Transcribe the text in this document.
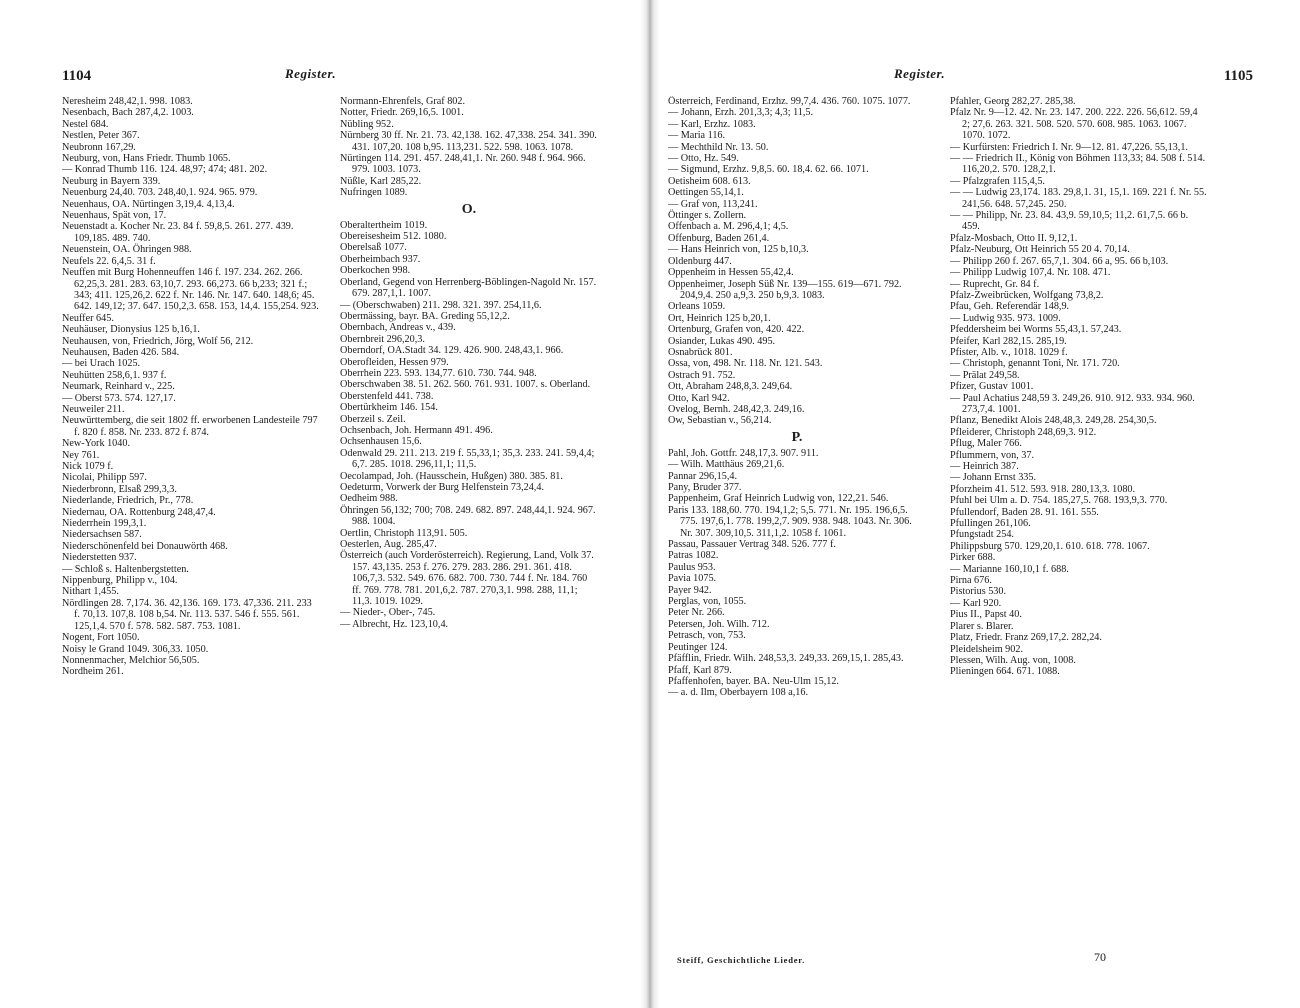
1104	Register.

Neresheim 248,42,1. 998. 1083.

Nesenbach, Bach 287,4,2. 1003.

Nestel 684.

Nestlen, Peter 367.

Neubronn 167,29.

Neuburg, von, Hans Friedr. Thumb 1065.

— Konrad Thumb 116. 124. 48,97; 474; 481. 202.

Neuburg in Bayern 339.

Neuenburg 24,40. 703. 248,40,1. 924. 965. 979.

Neuenhaus, OA. Nürtingen 3,19,4. 4,13,4.

Neuenhaus, Spät von, 17.

Neuenstadt a. Kocher Nr. 23. 84 f. 59,8,5. 261. 277. 439. 109,185. 489. 740.

Neuenstein, OA. Öhringen 988.

Neufels 22. 6,4,5. 31 f.

Neuffen mit Burg Hohenneuffen 146 f. 197. 234. 262. 266. 62,25,3. 281. 283. 63,10,7. 293. 66,273. 66 b,233; 321 f.; 343; 411. 125,26,2. 622 f. Nr. 146. Nr. 147. 640. 148,6; 45. 642. 149,12; 37. 647. 150,2,3. 658. 153, 14,4. 155,254. 923.

Neuffer 645.

Neuhäuser, Dionysius 125 b,16,1.

Neuhausen, von, Friedrich, Jörg, Wolf 56, 212.

Neuhausen, Baden 426. 584.

— bei Urach 1025.

Neuhütten 258,6,1. 937 f.

Neumark, Reinhard v., 225.

— Oberst 573. 574. 127,17.

Neuweiler 211.

Neuwürttemberg, die seit 1802 ff. erworbenen Landesteile 797 f. 820 f. 858. Nr. 233. 872 f. 874.

New-York 1040.

Ney 761.

Nick 1079 f.

Nicolai, Philipp 597.

Niederbronn, Elsaß 299,3,3.

Niederlande, Friedrich, Pr., 778.

Niedernau, OA. Rottenburg 248,47,4.

Niederrhein 199,3,1.

Niedersachsen 587.

Niederschönenfeld bei Donauwörth 468.

Niederstetten 937.

— Schloß s. Haltenbergstetten.

Nippenburg, Philipp v., 104.

Nithart 1,455.

Nördlingen 28. 7,174. 36. 42,136. 169. 173. 47,336. 211. 233 f. 70,13. 107,8. 108 b,54. Nr. 113. 537. 546 f. 555. 561. 125,1,4. 570 f. 578. 582. 587. 753. 1081.

Nogent, Fort 1050.

Noisy le Grand 1049. 306,33. 1050.

Nonnenmacher, Melchior 56,505.

Nordheim 261.

Normann-Ehrenfels, Graf 802.

Notter, Friedr. 269,16,5. 1001.

Nübling 952.

Nürnberg 30 ff. Nr. 21. 73. 42,138. 162. 47,338. 254. 341. 390. 431. 107,20. 108 b,95. 113,231. 522. 598. 1063. 1078.

Nürtingen 114. 291. 457. 248,41,1. Nr. 260. 948 f. 964. 966. 979. 1003. 1073.

Nüßle, Karl 285,22.

Nufringen 1089.

O.

Oberaltertheim 1019.

Obereisesheim 512. 1080.

Oberelsaß 1077.

Oberheimbach 937.

Oberkochen 998.

Oberland, Gegend von Herrenberg-Böblingen-Nagold Nr. 157. 679. 287,1,1. 1007.

— (Oberschwaben) 211. 298. 321. 397. 254,11,6.

Obermässing, bayr. BA. Greding 55,12,2.

Obernbach, Andreas v., 439.

Obernbreit 296,20,3.

Oberndorf, OA.Stadt 34. 129. 426. 900. 248,43,1. 966.

Oberofleiden, Hessen 979.

Oberrhein 223. 593. 134,77. 610. 730. 744. 948.

Oberschwaben 38. 51. 262. 560. 761. 931. 1007. s. Oberland.

Oberstenfeld 441. 738.

Obertürkheim 146. 154.

Oberzeil s. Zeil.

Ochsenbach, Joh. Hermann 491. 496.

Ochsenhausen 15,6.

Odenwald 29. 211. 213. 219 f. 55,33,1; 35,3. 233. 241. 59,4,4; 6,7. 285. 1018. 296,11,1; 11,5.

Oecolampad, Joh. (Hausschein, Hußgen) 380. 385. 81.

Oedeturm, Vorwerk der Burg Helfenstein 73,24,4.

Oedheim 988.

Öhringen 56,132; 700; 708. 249. 682. 897. 248,44,1. 924. 967. 988. 1004.

Oertlin, Christoph 113,91. 505.

Oesterlen, Aug. 285,47.

Österreich (auch Vorderösterreich). Regierung, Land, Volk 37. 157. 43,135. 253 f. 276. 279. 283. 286. 291. 361. 418. 106,7,3. 532. 549. 676. 682. 700. 730. 744 f. Nr. 184. 760 ff. 769. 778. 781. 201,6,2. 787. 270,3,1. 998. 288, 11,1; 11,3. 1019. 1029.

— Nieder-, Ober-, 745.

— Albrecht, Hz. 123,10,4.

Register.	1105

Österreich, Ferdinand, Erzhz. 99,7,4. 436. 760. 1075. 1077.

— Johann, Erzh. 201,3,3; 4,3; 11,5.

— Karl, Erzhz. 1083.

— Maria 116.

— Mechthild Nr. 13. 50.

— Otto, Hz. 549.

— Sigmund, Erzhz. 9,8,5. 60. 18,4. 62. 66. 1071.

Oetisheim 608. 613.

Oettingen 55,14,1.

— Graf von, 113,241.

Öttinger s. Zollern.

Offenbach a. M. 296,4,1; 4,5.

Offenburg, Baden 261,4.

— Hans Heinrich von, 125 b,10,3.

Oldenburg 447.

Oppenheim in Hessen 55,42,4.

Oppenheimer, Joseph Süß Nr. 139—155. 619—671. 792. 204,9,4. 250 a,9,3. 250 b,9,3. 1083.

Orleans 1059.

Ort, Heinrich 125 b,20,1.

Ortenburg, Grafen von, 420. 422.

Osiander, Lukas 490. 495.

Osnabrück 801.

Ossa, von, 498. Nr. 118. Nr. 121. 543.

Ostrach 91. 752.

Ott, Abraham 248,8,3. 249,64.

Otto, Karl 942.

Ovelog, Bernh. 248,42,3. 249,16.

Ow, Sebastian v., 56,214.

P.

Pahl, Joh. Gottfr. 248,17,3. 907. 911.

— Wilh. Matthäus 269,21,6.

Pannar 296,15,4.

Pany, Bruder 377.

Pappenheim, Graf Heinrich Ludwig von, 122,21. 546.

Paris 133. 188,60. 770. 194,1,2; 5,5. 771. Nr. 195. 196,6,5. 775. 197,6,1. 778. 199,2,7. 909. 938. 948. 1043. Nr. 306. Nr. 307. 309,10,5. 311,1,2. 1058 f. 1061.

Passau, Passauer Vertrag 348. 526. 777 f.

Patras 1082.

Paulus 953.

Pavia 1075.

Payer 942.

Perglas, von, 1055.

Peter Nr. 266.

Petersen, Joh. Wilh. 712.

Petrasch, von, 753.

Peutinger 124.

Pfäfflin, Friedr. Wilh. 248,53,3. 249,33. 269,15,1. 285,43.

Pfaff, Karl 879.

Pfaffenhofen, bayer. BA. Neu-Ulm 15,12.

— a. d. Ilm, Oberbayern 108 a,16.

Pfahler, Georg 282,27. 285,38.

Pfalz Nr. 9—12. 42. Nr. 23. 147. 200. 222. 226. 56,612. 59,4 2; 27,6. 263. 321. 508. 520. 570. 608. 985. 1063. 1067. 1070. 1072.

— Kurfürsten: Friedrich I. Nr. 9—12. 81. 47,226. 55,13,1.

— — Friedrich II., König von Böhmen 113,33; 84. 508 f. 514. 116,20,2. 570. 128,2,1.

— Pfalzgrafen 115,4,5.

— — Ludwig 23,174. 183. 29,8,1. 31, 15,1. 169. 221 f. Nr. 55. 241,56. 648. 57,245. 250.

— — Philipp, Nr. 23. 84. 43,9. 59,10,5; 11,2. 61,7,5. 66 b. 459.

Pfalz-Mosbach, Otto II. 9,12,1.

Pfalz-Neuburg, Ott Heinrich 55 20 4. 70,14.

— Philipp 260 f. 267. 65,7,1. 304. 66 a, 95. 66 b,103.

— Philipp Ludwig 107,4. Nr. 108. 471.

— Ruprecht, Gr. 84 f.

Pfalz-Zweibrücken, Wolfgang 73,8,2.

Pfau, Geh. Referendär 148,9.

— Ludwig 935. 973. 1009.

Pfeddersheim bei Worms 55,43,1. 57,243.

Pfeifer, Karl 282,15. 285,19.

Pfister, Alb. v., 1018. 1029 f.

— Christoph, genannt Toni, Nr. 171. 720.

— Prälat 249,58.

Pfizer, Gustav 1001.

— Paul Achatius 248,59 3. 249,26. 910. 912. 933. 934. 960. 273,7,4. 1001.

Pflanz, Benedikt Alois 248,48,3. 249,28. 254,30,5.

Pfleiderer, Christoph 248,69,3. 912.

Pflug, Maler 766.

Pflummern, von, 37.

— Heinrich 387.

— Johann Ernst 335.

Pforzheim 41. 512. 593. 918. 280,13,3. 1080.

Pfuhl bei Ulm a. D. 754. 185,27,5. 768. 193,9,3. 770.

Pfullendorf, Baden 28. 91. 161. 555.

Pfullingen 261,106.

Pfungstadt 254.

Philippsburg 570. 129,20,1. 610. 618. 778. 1067.

Pirker 688.

— Marianne 160,10,1 f. 688.

Pirna 676.

Pistorius 530.

— Karl 920.

Pius II., Papst 40.

Plarer s. Blarer.

Platz, Friedr. Franz 269,17,2. 282,24.

Pleidelsheim 902.

Plessen, Wilh. Aug. von, 1008.

Plieningen 664. 671. 1088.

Steiff, Geschichtliche Lieder.	70
